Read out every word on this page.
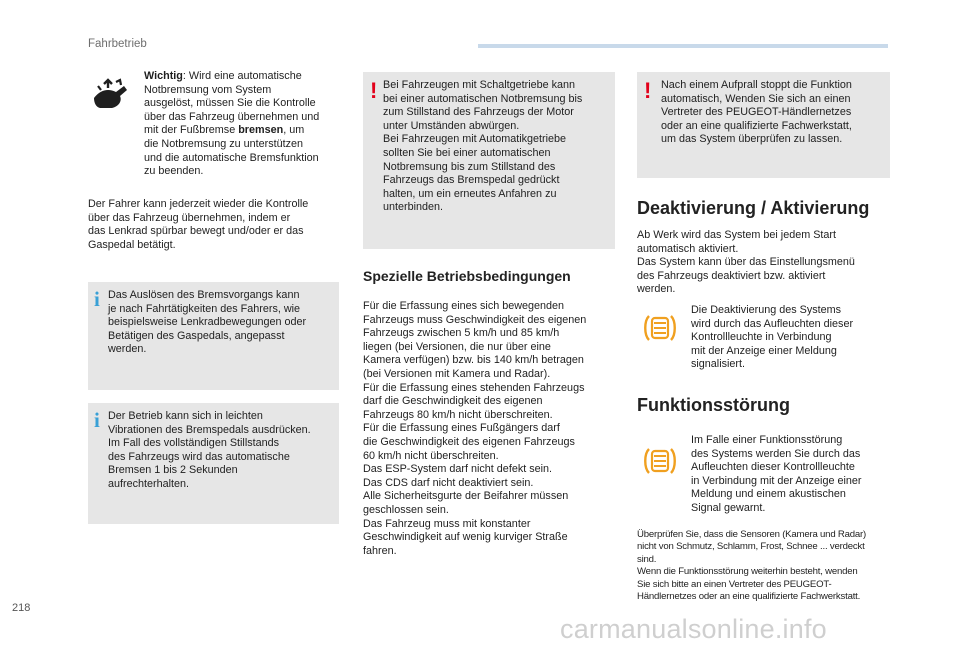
Fahrbetrieb
Wichtig: Wird eine automatische
Notbremsung vom System
ausgelöst, müssen Sie die Kontrolle
über das Fahrzeug übernehmen und
mit der Fußbremse bremsen, um
die Notbremsung zu unterstützen
und die automatische Bremsfunktion
zu beenden.
Der Fahrer kann jederzeit wieder die Kontrolle
über das Fahrzeug übernehmen, indem er
das Lenkrad spürbar bewegt und/oder er das
Gaspedal betätigt.
i Das Auslösen des Bremsvorgangs kann
je nach Fahrtätigkeiten des Fahrers, wie
beispielsweise Lenkradbewegungen oder
Betätigen des Gaspedals, angepasst
werden.
i Der Betrieb kann sich in leichten
Vibrationen des Bremspedals ausdrücken.
Im Fall des vollständigen Stillstands
des Fahrzeugs wird das automatische
Bremsen 1 bis 2 Sekunden
aufrechterhalten.
! Bei Fahrzeugen mit Schaltgetriebe kann
bei einer automatischen Notbremsung bis
zum Stillstand des Fahrzeugs der Motor
unter Umständen abwürgen.
Bei Fahrzeugen mit Automatikgetriebe
sollten Sie bei einer automatischen
Notbremsung bis zum Stillstand des
Fahrzeugs das Bremspedal gedrückt
halten, um ein erneutes Anfahren zu
unterbinden.
Spezielle Betriebsbedingungen
Für die Erfassung eines sich bewegenden
Fahrzeugs muss Geschwindigkeit des eigenen
Fahrzeugs zwischen 5 km/h und 85 km/h
liegen (bei Versionen, die nur über eine
Kamera verfügen) bzw. bis 140 km/h betragen
(bei Versionen mit Kamera und Radar).
Für die Erfassung eines stehenden Fahrzeugs
darf die Geschwindigkeit des eigenen
Fahrzeugs 80 km/h nicht überschreiten.
Für die Erfassung eines Fußgängers darf
die Geschwindigkeit des eigenen Fahrzeugs
60 km/h nicht überschreiten.
Das ESP-System darf nicht defekt sein.
Das CDS darf nicht deaktiviert sein.
Alle Sicherheitsgurte der Beifahrer müssen
geschlossen sein.
Das Fahrzeug muss mit konstanter
Geschwindigkeit auf wenig kurviger Straße
fahren.
! Nach einem Aufprall stoppt die Funktion
automatisch, Wenden Sie sich an einen
Vertreter des PEUGEOT-Händlernetzes
oder an eine qualifizierte Fachwerkstatt,
um das System überprüfen zu lassen.
Deaktivierung / Aktivierung
Ab Werk wird das System bei jedem Start
automatisch aktiviert.
Das System kann über das Einstellungsmenü
des Fahrzeugs deaktiviert bzw. aktiviert
werden.
Die Deaktivierung des Systems
wird durch das Aufleuchten dieser
Kontrollleuchte in Verbindung
mit der Anzeige einer Meldung
signalisiert.
Funktionsstörung
Im Falle einer Funktionsstörung
des Systems werden Sie durch das
Aufleuchten dieser Kontrollleuchte
in Verbindung mit der Anzeige einer
Meldung und einem akustischen
Signal gewarnt.
Überprüfen Sie, dass die Sensoren (Kamera und Radar)
nicht von Schmutz, Schlamm, Frost, Schnee ... verdeckt
sind.
Wenn die Funktionsstörung weiterhin besteht, wenden
Sie sich bitte an einen Vertreter des PEUGEOT-
Händlernetzes oder an eine qualifizierte Fachwerkstatt.
218
carmanualsonline.info
